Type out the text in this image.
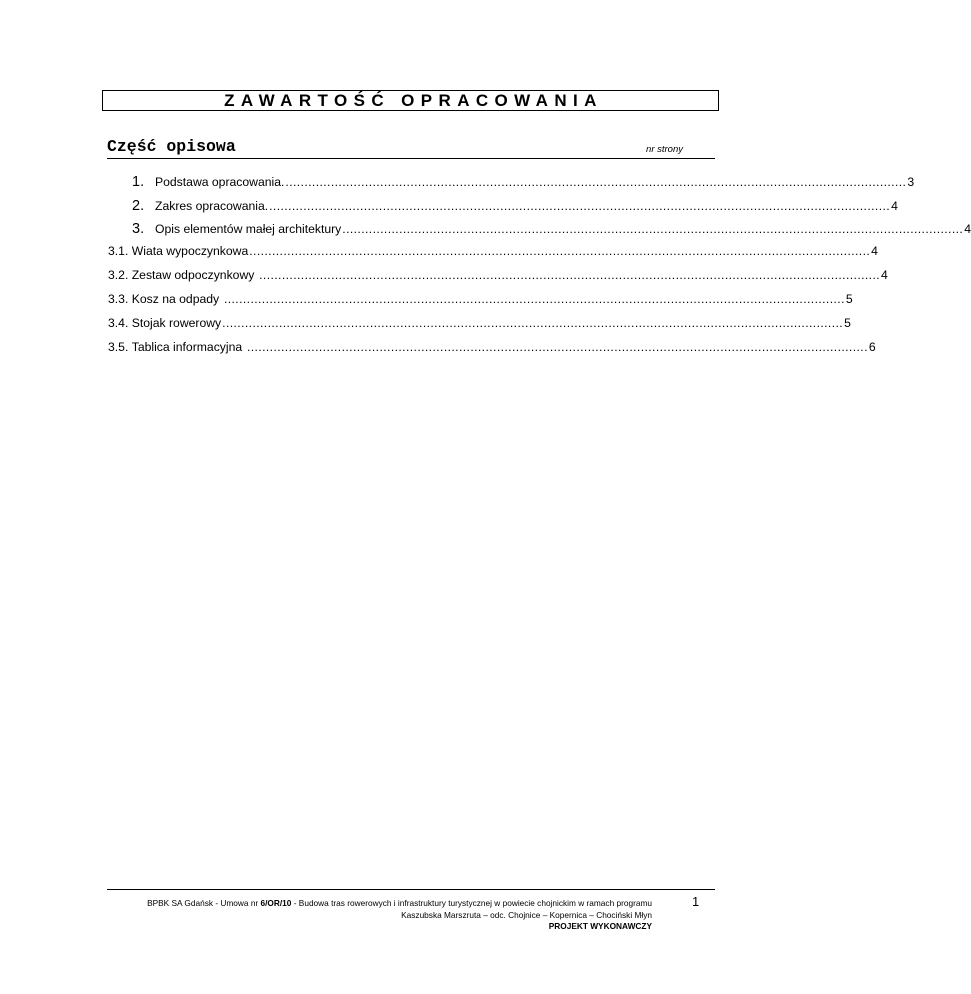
ZAWARTOŚĆ OPRACOWANIA
Część opisowa	nr strony
1. Podstawa opracowania. .................................................................................................................................................................... 3
2. Zakres opracowania. .................................................................................................................................................................... 4
3. Opis elementów małej architektury .................................................................................................................................................................... 4
3.1.
Wiata wypoczynkowa .................................................................................................................................................................... 4
3.2.
Zestaw odpoczynkowy .................................................................................................................................................................... 4
3.3.
Kosz na odpady .................................................................................................................................................................... 5
3.4.
Stojak rowerowy .................................................................................................................................................................... 5
3.5.
Tablica informacyjna .................................................................................................................................................................... 6
BPBK SA Gdańsk - Umowa nr 6/OR/10 - Budowa tras rowerowych i infrastruktury turystycznej w powiecie chojnickim w ramach programu
Kaszubska Marszruta – odc. Chojnice – Kopernica – Chociński Młyn
PROJEKT WYKONAWCZY
1
